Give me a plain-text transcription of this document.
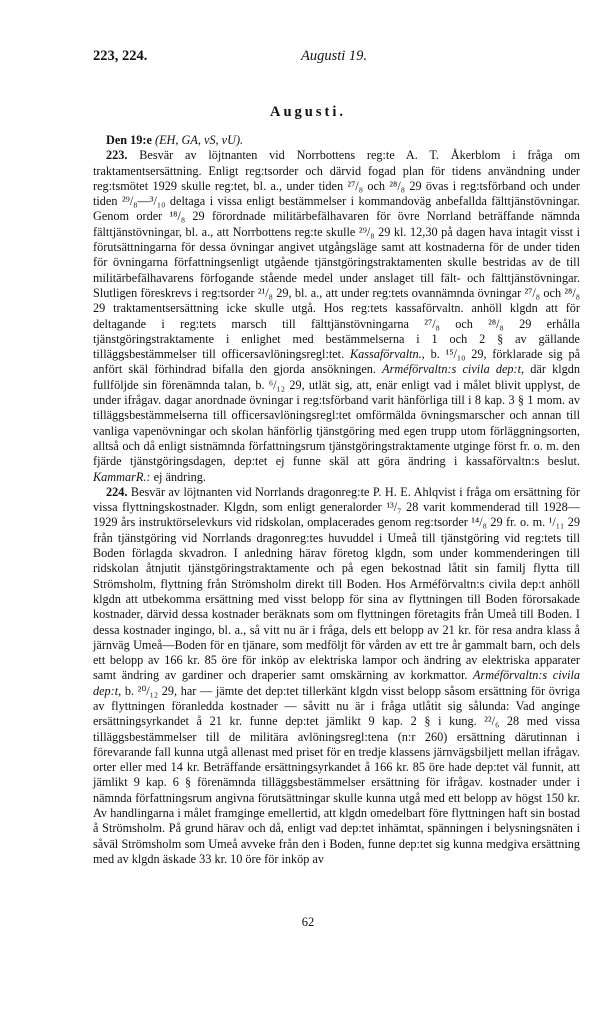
223, 224.	Augusti 19.
Augusti.

Den 19:e (EH, GA, vS, vU).

223. Besvär av löjtnanten vid Norrbottens reg:te A. T. Åkerblom i fråga om traktamentsersättning. Enligt reg:tsorder och därvid fogad plan för tidens användning under reg:tsmötet 1929 skulle reg:tet, bl. a., under tiden ²⁷/₈ och ²⁸/₈ 29 övas i reg:tsförband och under tiden ²⁹/₈—³/₁₀ deltaga i vissa enligt bestämmelser i kommandoväg anbefallda fälttjänstövningar. Genom order ¹⁸/₈ 29 förordnade militärbefälhavaren för övre Norrland beträffande nämnda fälttjänstövningar, bl. a., att Norrbottens reg:te skulle ²⁹/₈ 29 kl. 12,30 på dagen hava intagit visst i förutsättningarna för dessa övningar angivet utgångsläge samt att kostnaderna för de under tiden för övningarna författningsenligt utgående tjänstgöringstraktamenten skulle bestridas av de till militärbefälhavarens förfogande stående medel under anslaget till fält- och fälttjänstövningar. Slutligen föreskrevs i reg:tsorder ²¹/₈ 29, bl. a., att under reg:tets ovannämnda övningar ²⁷/₈ och ²⁸/₈ 29 traktamentsersättning icke skulle utgå. Hos reg:tets kassaförvaltn. anhöll klgdn att för deltagande i reg:tets marsch till fälttjänstövningarna ²⁷/₈ och ²⁸/₈ 29 erhålla tjänstgöringstraktamente i enlighet med bestämmelserna i 1 och 2 § av gällande tilläggsbestämmelser till officersavlöningsregl:tet. Kassaförvaltn., b. ¹⁵/₁₀ 29, förklarade sig på anfört skäl förhindrad bifalla den gjorda ansökningen. Arméförvaltn:s civila dep:t, där klgdn fullföljde sin förenämnda talan, b. ⁶/₁₂ 29, utlät sig, att, enär enligt vad i målet blivit upplyst, de under ifrågav. dagar anordnade övningar i reg:tsförband varit hänförliga till i 8 kap. 3 § 1 mom. av tilläggsbestämmelserna till officersavlöningsregl:tet omförmälda övningsmarscher och annan till vanliga vapenövningar och skolan hänförlig tjänstgöring med egen trupp utom förläggningsorten, alltså och då enligt sistnämnda författningsrum tjänstgöringstraktamente utginge först fr. o. m. den fjärde tjänstgöringsdagen, dep:tet ej funne skäl att göra ändring i kassaförvaltn:s beslut. KammarR.: ej ändring.

224. Besvär av löjtnanten vid Norrlands dragonreg:te P. H. E. Ahlqvist i fråga om ersättning för vissa flyttningskostnader. Klgdn, som enligt generalorder ¹³/₇ 28 varit kommenderad till 1928—1929 års instruktörselevkurs vid ridskolan, omplacerades genom reg:tsorder ¹⁴/₈ 29 fr. o. m. ¹/₁₁ 29 från tjänstgöring vid Norrlands dragonreg:tes huvuddel i Umeå till tjänstgöring vid reg:tets till Boden förlagda skvadron. I anledning härav företog klgdn, som under kommenderingen till ridskolan åtnjutit tjänstgöringstraktamente och på egen bekostnad låtit sin familj flytta till Strömsholm, flyttning från Strömsholm direkt till Boden. Hos Arméförvaltn:s civila dep:t anhöll klgdn att utbekomma ersättning med visst belopp för sina av flyttningen till Boden förorsakade kostnader, därvid dessa kostnader beräknats som om flyttningen företagits från Umeå till Boden. I dessa kostnader ingingo, bl. a., så vitt nu är i fråga, dels ett belopp av 21 kr. för resa andra klass å järnväg Umeå—Boden för en tjänare, som medföljt för vården av ett tre år gammalt barn, och dels ett belopp av 166 kr. 85 öre för inköp av elektriska lampor och ändring av elektriska apparater samt ändring av gardiner och draperier samt omskärning av korkmattor. Arméförvaltn:s civila dep:t, b. ²⁰/₁₂ 29, har — jämte det dep:tet tillerkänt klgdn visst belopp såsom ersättning för övriga av flyttningen föranledda kostnader — såvitt nu är i fråga utlåtit sig sålunda: Vad anginge ersättningsyrkandet å 21 kr. funne dep:tet jämlikt 9 kap. 2 § i kung. ²²/₆ 28 med vissa tilläggsbestämmelser till de militära avlöningsregl:tena (n:r 260) ersättning därutinnan i förevarande fall kunna utgå allenast med priset för en tredje klassens järnvägsbiljett mellan ifrågav. orter eller med 14 kr. Beträffande ersättningsyrkandet å 166 kr. 85 öre hade dep:tet väl funnit, att jämlikt 9 kap. 6 § förenämnda tilläggsbestämmelser ersättning för ifrågav. kostnader under i nämnda författningsrum angivna förutsättningar skulle kunna utgå med ett belopp av högst 150 kr. Av handlingarna i målet framginge emellertid, att klgdn omedelbart före flyttningen haft sin bostad å Strömsholm. På grund härav och då, enligt vad dep:tet inhämtat, spänningen i belysningsnäten i såväl Strömsholm som Umeå avveke från den i Boden, funne dep:tet sig kunna medgiva ersättning med av klgdn äskade 33 kr. 10 öre för inköp av

62
